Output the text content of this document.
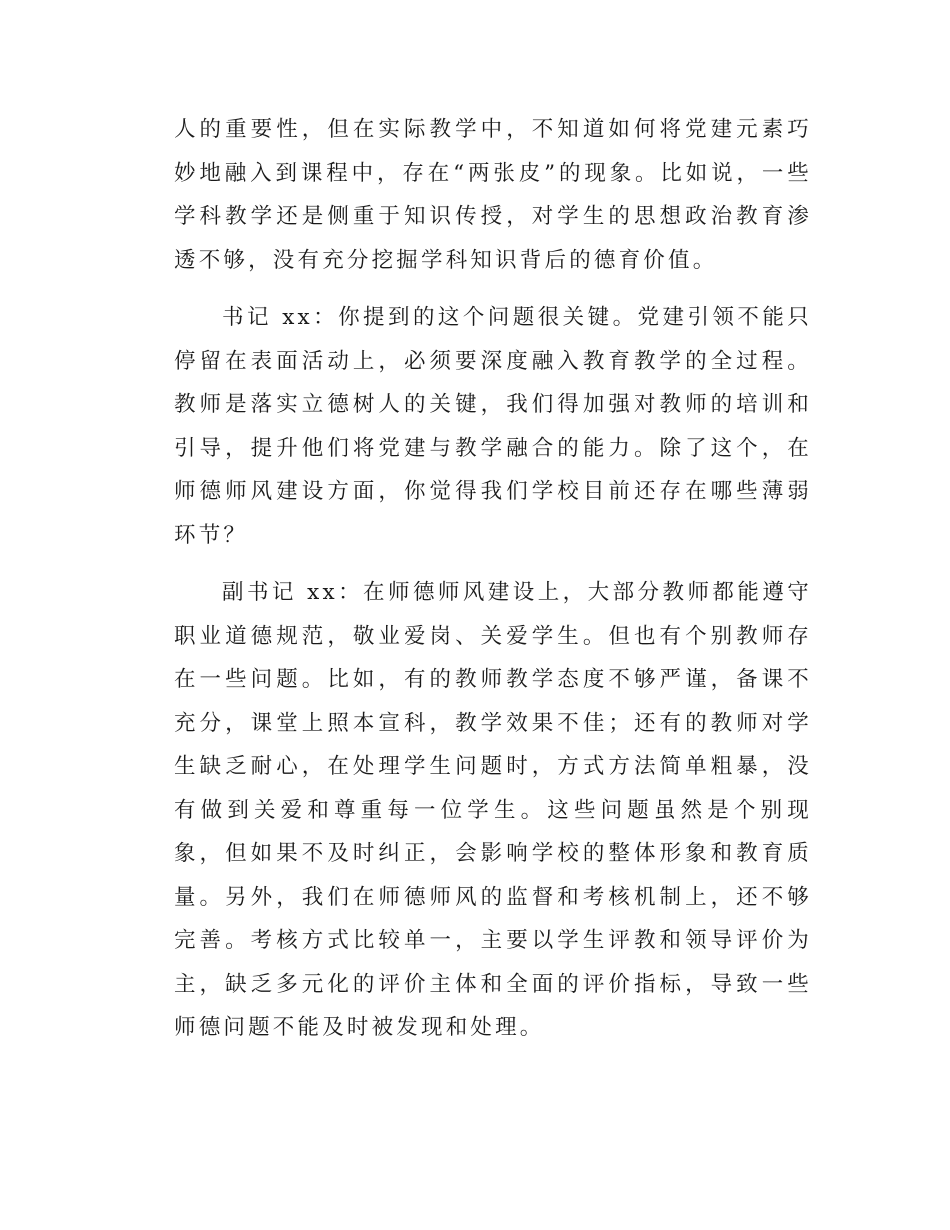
人的重要性，但在实际教学中，不知道如何将党建元素巧妙地融入到课程中，存在“两张皮”的现象。比如说，一些学科教学还是侧重于知识传授，对学生的思想政治教育渗透不够，没有充分挖掘学科知识背后的德育价值。

书记 xx：你提到的这个问题很关键。党建引领不能只停留在表面活动上，必须要深度融入教育教学的全过程。教师是落实立德树人的关键，我们得加强对教师的培训和引导，提升他们将党建与教学融合的能力。除了这个，在师德师风建设方面，你觉得我们学校目前还存在哪些薄弱环节？

副书记 xx：在师德师风建设上，大部分教师都能遵守职业道德规范，敬业爱岗、关爱学生。但也有个别教师存在一些问题。比如，有的教师教学态度不够严谨，备课不充分，课堂上照本宣科，教学效果不佳；还有的教师对学生缺乏耐心，在处理学生问题时，方式方法简单粗暴，没有做到关爱和尊重每一位学生。这些问题虽然是个别现象，但如果不及时纠正，会影响学校的整体形象和教育质量。另外，我们在师德师风的监督和考核机制上，还不够完善。考核方式比较单一，主要以学生评教和领导评价为主，缺乏多元化的评价主体和全面的评价指标，导致一些师德问题不能及时被发现和处理。
